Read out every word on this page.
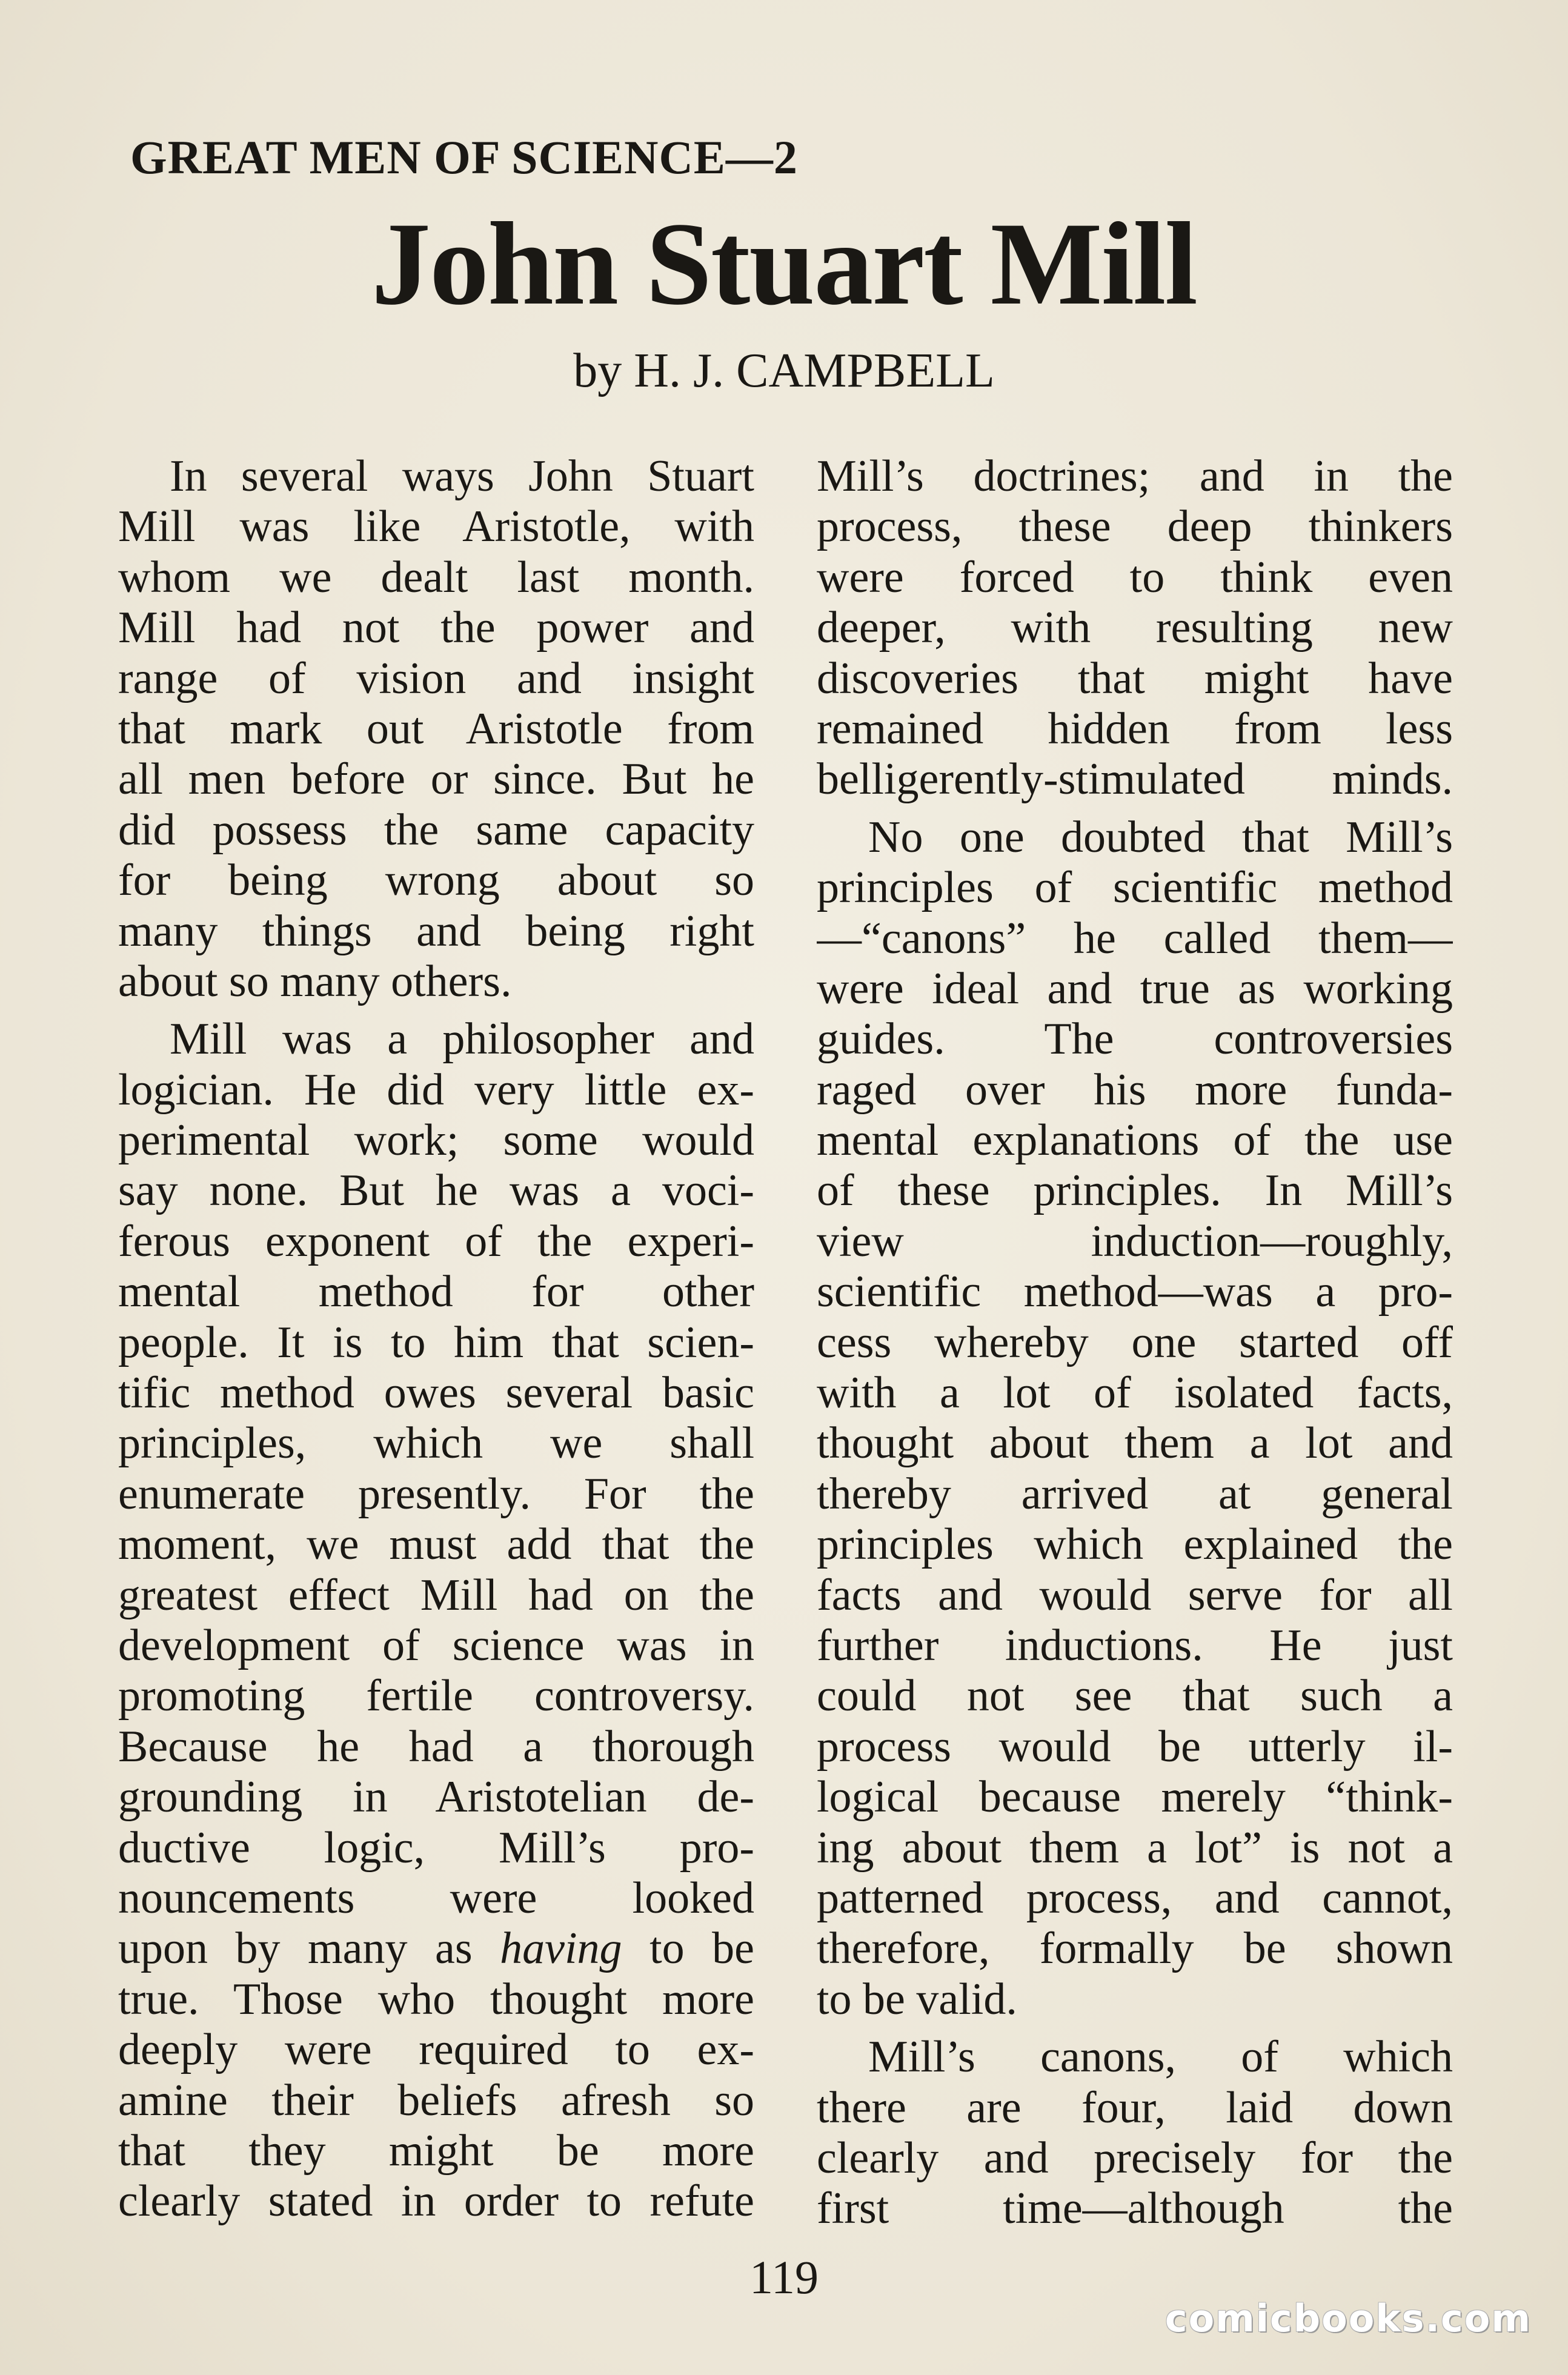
GREAT MEN OF SCIENCE—2
John Stuart Mill
by H. J. CAMPBELL
In several ways John Stuart
Mill was like Aristotle, with
whom we dealt last month.
Mill had not the power and
range of vision and insight
that mark out Aristotle from
all men before or since. But he
did possess the same capacity
for being wrong about so
many things and being right
about so many others.
Mill was a philosopher and
logician. He did very little ex-
perimental work; some would
say none. But he was a voci-
ferous exponent of the experi-
mental method for other
people. It is to him that scien-
tific method owes several basic
principles, which we shall
enumerate presently. For the
moment, we must add that the
greatest effect Mill had on the
development of science was in
promoting fertile controversy.
Because he had a thorough
grounding in Aristotelian de-
ductive logic, Mill’s pro-
nouncements were looked
upon by many as having to be
true. Those who thought more
deeply were required to ex-
amine their beliefs afresh so
that they might be more
clearly stated in order to refute
Mill’s doctrines; and in the
process, these deep thinkers
were forced to think even
deeper, with resulting new
discoveries that might have
remained hidden from less
belligerently-stimulated minds.
No one doubted that Mill’s
principles of scientific method
—“canons” he called them—
were ideal and true as working
guides. The controversies
raged over his more funda-
mental explanations of the use
of these principles. In Mill’s
view induction—roughly,
scientific method—was a pro-
cess whereby one started off
with a lot of isolated facts,
thought about them a lot and
thereby arrived at general
principles which explained the
facts and would serve for all
further inductions. He just
could not see that such a
process would be utterly il-
logical because merely “think-
ing about them a lot” is not a
patterned process, and cannot,
therefore, formally be shown
to be valid.
Mill’s canons, of which
there are four, laid down
clearly and precisely for the
first time—although the
119
comicbooks.com
